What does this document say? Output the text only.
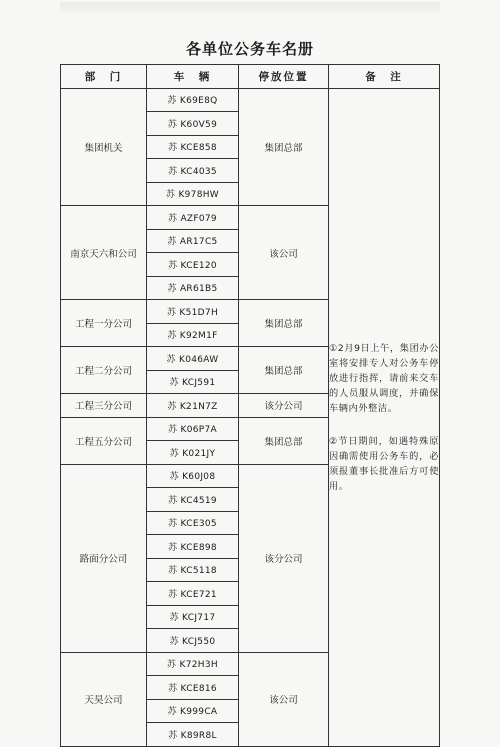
各单位公务车名册
部　门	车　辆	停放位置	备　注
集团机关	苏 K69E8Q	集团总部	①2月9日上午，集团办公室将安排专人对公务车停放进行指挥，请前来交车的人员服从调度，并确保车辆内外整洁。

②节日期间，如遇特殊原因确需使用公务车的，必须报董事长批准后方可使用。

	苏 K60V59		
	苏 KCE858		
	苏 KC4035		
	苏 K978HW		
南京天六和公司	苏 AZF079	该公司	
	苏 AR17C5		
	苏 KCE120		
	苏 AR61B5		
工程一分公司	苏 K51D7H	集团总部	
	苏 K92M1F		
工程二分公司	苏 K046AW	集团总部	
	苏 KCJ591		
工程三分公司	苏 K21N7Z	该分公司	
工程五分公司	苏 K06P7A	集团总部	
	苏 K021JY		
路面分公司	苏 K60J08	该分公司	
	苏 KC4519		
	苏 KCE305		
	苏 KCE898		
	苏 KC5118		
	苏 KCE721		
	苏 KCJ717		
	苏 KCJ550		
天昊公司	苏 K72H3H	该公司	
	苏 KCE816		
	苏 K999CA		
	苏 K89R8L		
